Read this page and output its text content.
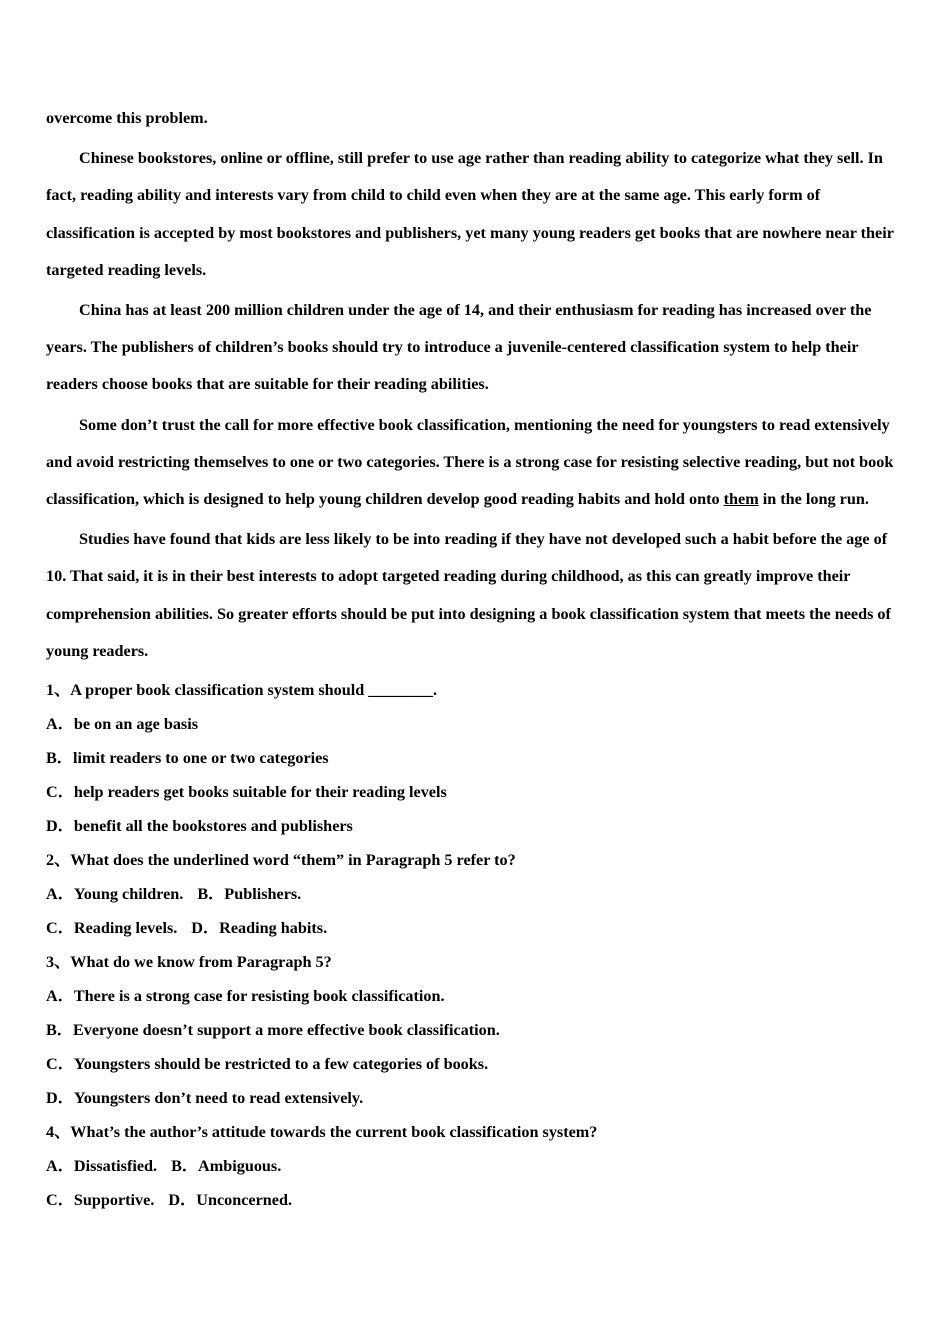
overcome this problem.

Chinese bookstores, online or offline, still prefer to use age rather than reading ability to categorize what they sell. In fact, reading ability and interests vary from child to child even when they are at the same age. This early form of classification is accepted by most bookstores and publishers, yet many young readers get books that are nowhere near their targeted reading levels.

China has at least 200 million children under the age of 14, and their enthusiasm for reading has increased over the years. The publishers of children’s books should try to introduce a juvenile-centered classification system to help their readers choose books that are suitable for their reading abilities.

Some don’t trust the call for more effective book classification, mentioning the need for youngsters to read extensively and avoid restricting themselves to one or two categories. There is a strong case for resisting selective reading, but not book classification, which is designed to help young children develop good reading habits and hold onto them in the long run.

Studies have found that kids are less likely to be into reading if they have not developed such a habit before the age of 10. That said, it is in their best interests to adopt targeted reading during childhood, as this can greatly improve their comprehension abilities. So greater efforts should be put into designing a book classification system that meets the needs of young readers.

1、A proper book classification system should ________.
A．be on an age basis
B．limit readers to one or two categories
C．help readers get books suitable for their reading levels
D．benefit all the bookstores and publishers
2、What does the underlined word “them” in Paragraph 5 refer to?
A．Young children. B．Publishers.
C．Reading levels. D．Reading habits.
3、What do we know from Paragraph 5?
A．There is a strong case for resisting book classification.
B．Everyone doesn’t support a more effective book classification.
C．Youngsters should be restricted to a few categories of books.
D．Youngsters don’t need to read extensively.
4、What’s the author’s attitude towards the current book classification system?
A．Dissatisfied. B．Ambiguous.
C．Supportive. D．Unconcerned.
